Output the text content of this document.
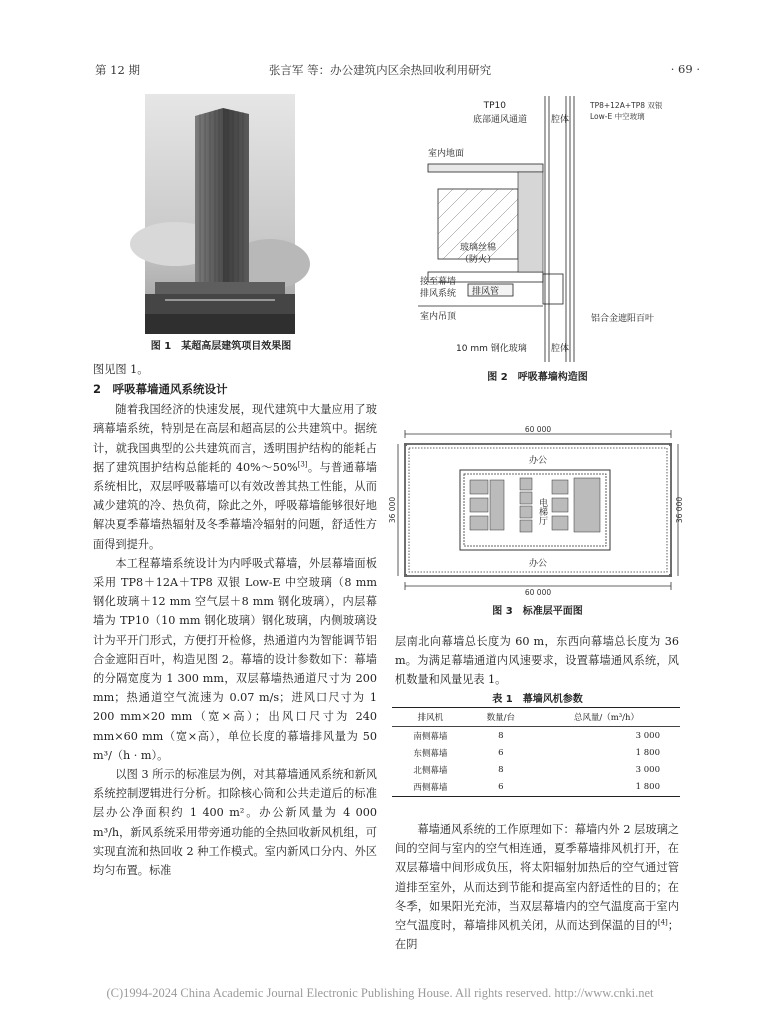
第 12 期	张言军 等：办公建筑内区余热回收利用研究	· 69 ·
图 1　某超高层建筑项目效果图
TP10
底部通风通道	腔体
TP8+12A+TP8 双银
Low-E 中空玻璃
室内地面
玻璃丝棉
（防火）
接至幕墙
排风系统 排风管
室内吊顶	铝合金遮阳百叶
10 mm 钢化玻璃	腔体
图 2　呼吸幕墙构造图
60 000
60 000
36 000	36 000
办公
办公
电梯厅
图 3　标准层平面图

图见图 1。

2　呼吸幕墙通风系统设计

随着我国经济的快速发展，现代建筑中大量应用了玻璃幕墙系统，特别是在高层和超高层的公共建筑中。据统计，就我国典型的公共建筑而言，透明围护结构的能耗占据了建筑围护结构总能耗的 40%～50%[3]。与普通幕墙系统相比，双层呼吸幕墙可以有效改善其热工性能，从而减少建筑的冷、热负荷，除此之外，呼吸幕墙能够很好地解决夏季幕墙热辐射及冬季幕墙冷辐射的问题，舒适性方面得到提升。

本工程幕墙系统设计为内呼吸式幕墙，外层幕墙面板采用 TP8＋12A＋TP8 双银 Low-E 中空玻璃（8 mm 钢化玻璃＋12 mm 空气层＋8 mm 钢化玻璃），内层幕墙为 TP10（10 mm 钢化玻璃）钢化玻璃，内侧玻璃设计为平开门形式，方便打开检修，热通道内为智能调节铝合金遮阳百叶，构造见图 2。幕墙的设计参数如下：幕墙的分隔宽度为 1 300 mm，双层幕墙热通道尺寸为 200 mm；热通道空气流速为 0.07 m/s；进风口尺寸为 1 200 mm×20 mm（宽×高）；出风口尺寸为 240 mm×60 mm（宽×高），单位长度的幕墙排风量为 50 m³/（h · m）。

以图 3 所示的标准层为例，对其幕墙通风系统和新风系统控制逻辑进行分析。扣除核心筒和公共走道后的标准层办公净面积约 1 400 m²。办公新风量为 4 000 m³/h，新风系统采用带旁通功能的全热回收新风机组，可实现直流和热回收 2 种工作模式。室内新风口分内、外区均匀布置。标准

层南北向幕墙总长度为 60 m，东西向幕墙总长度为 36 m。为满足幕墙通道内风速要求，设置幕墙通风系统，风机数量和风量见表 1。

表 1　幕墙风机参数
排风机	数量/台	总风量/（m³/h）
南侧幕墙	8	3 000
东侧幕墙	6	1 800
北侧幕墙	8	3 000
西侧幕墙	6	1 800

幕墙通风系统的工作原理如下：幕墙内外 2 层玻璃之间的空间与室内的空气相连通，夏季幕墙排风机打开，在双层幕墙中间形成负压，将太阳辐射加热后的空气通过管道排至室外，从而达到节能和提高室内舒适性的目的；在冬季，如果阳光充沛，当双层幕墙内的空气温度高于室内空气温度时，幕墙排风机关闭，从而达到保温的目的[4]；在阴

(C)1994-2024 China Academic Journal Electronic Publishing House. All rights reserved. http://www.cnki.net
